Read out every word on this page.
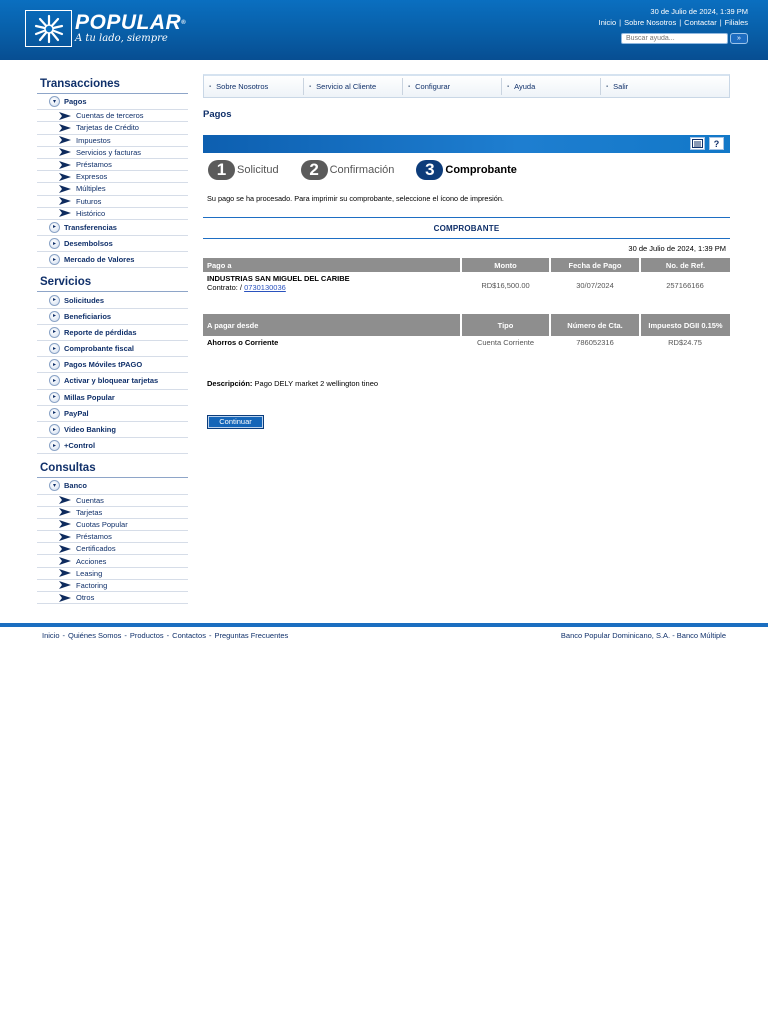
POPULAR®
A tu lado, siempre
30 de Julio de 2024, 1:39 PM
Inicio | Sobre Nosotros | Contactar | Filiales
Buscar ayuda...
»
Transacciones
▾	Pagos
Cuentas de terceros
Tarjetas de Crédito
Impuestos
Servicios y facturas
Préstamos
Expresos
Múltiples
Futuros
Histórico
▸	Transferencias
▸	Desembolsos
▸	Mercado de Valores
Servicios
▸	Solicitudes
▸	Beneficiarios
▸	Reporte de pérdidas
▸	Comprobante fiscal
▸	Pagos Móviles tPAGO
▸	Activar y bloquear tarjetas
▸	Millas Popular
▸	PayPal
▸	Video Banking
▸	+Control
Consultas
▾	Banco
Cuentas
Tarjetas
Cuotas Popular
Préstamos
Certificados
Acciones
Leasing
Factoring
Otros
▪ Sobre Nosotros	▪ Servicio al Cliente	▪ Configurar	▪ Ayuda	▪ Salir
Pagos
?
1 Solicitud	2 Confirmación	3 Comprobante
Su pago se ha procesado. Para imprimir su comprobante, seleccione el ícono de impresión.
COMPROBANTE
30 de Julio de 2024, 1:39 PM
Pago a	Monto	Fecha de Pago	No. de Ref.

INDUSTRIAS SAN MIGUEL DEL CARIBE
Contrato: / 0730130036	RD$16,500.00	30/07/2024	257166166
A pagar desde	Tipo	Número de Cta.	Impuesto DGII 0.15%
Ahorros o Corriente	Cuenta Corriente	786052316	RD$24.75
Descripción: Pago DELY market 2 wellington tineo
Continuar
Inicio - Quiénes Somos - Productos - Contactos - Preguntas Frecuentes	Banco Popular Dominicano, S.A. - Banco Múltiple
